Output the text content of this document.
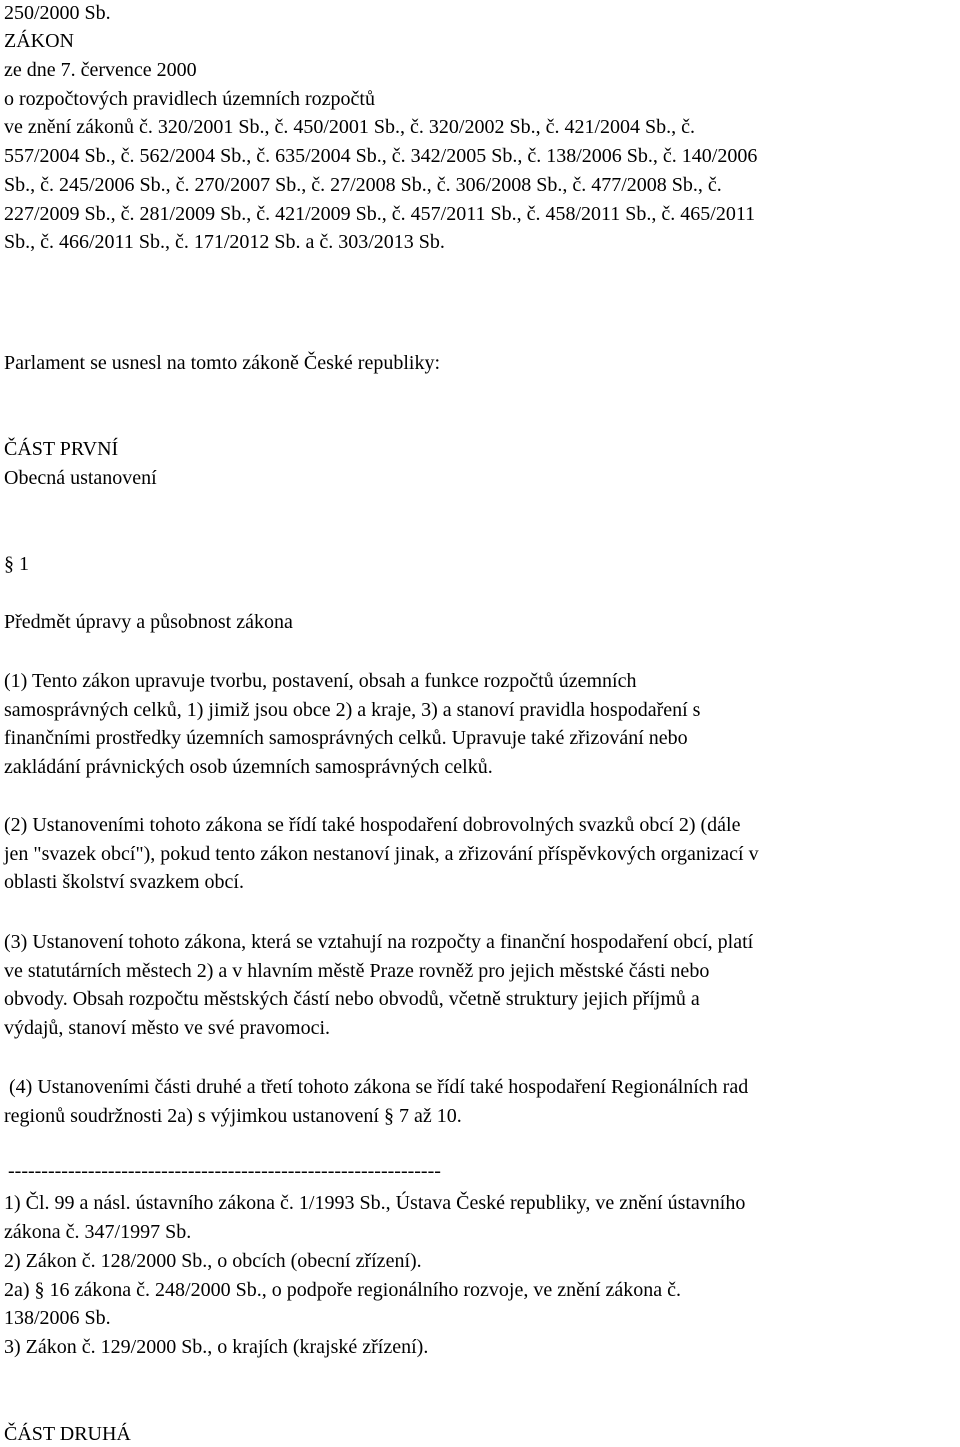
250/2000 Sb.
ZÁKON
ze dne 7. července 2000
o rozpočtových pravidlech územních rozpočtů
ve znění zákonů č. 320/2001 Sb., č. 450/2001 Sb., č. 320/2002 Sb., č. 421/2004 Sb., č.
557/2004 Sb., č. 562/2004 Sb., č. 635/2004 Sb., č. 342/2005 Sb., č. 138/2006 Sb., č. 140/2006
Sb., č. 245/2006 Sb., č. 270/2007 Sb., č. 27/2008 Sb., č. 306/2008 Sb., č. 477/2008 Sb., č.
227/2009 Sb., č. 281/2009 Sb., č. 421/2009 Sb., č. 457/2011 Sb., č. 458/2011 Sb., č. 465/2011
Sb., č. 466/2011 Sb., č. 171/2012 Sb. a č. 303/2013 Sb.
Parlament se usnesl na tomto zákoně České republiky:
ČÁST PRVNÍ
Obecná ustanovení
§ 1
Předmět úpravy a působnost zákona
(1) Tento zákon upravuje tvorbu, postavení, obsah a funkce rozpočtů územních
samosprávných celků, 1) jimiž jsou obce 2) a kraje, 3) a stanoví pravidla hospodaření s
finančními prostředky územních samosprávných celků. Upravuje také zřizování nebo
zakládání právnických osob územních samosprávných celků.
(2) Ustanoveními tohoto zákona se řídí také hospodaření dobrovolných svazků obcí 2) (dále
jen "svazek obcí"), pokud tento zákon nestanoví jinak, a zřizování příspěvkových organizací v
oblasti školství svazkem obcí.
(3) Ustanovení tohoto zákona, která se vztahují na rozpočty a finanční hospodaření obcí, platí
ve statutárních městech 2) a v hlavním městě Praze rovněž pro jejich městské části nebo
obvody. Obsah rozpočtu městských částí nebo obvodů, včetně struktury jejich příjmů a
výdajů, stanoví město ve své pravomoci.
(4) Ustanoveními části druhé a třetí tohoto zákona se řídí také hospodaření Regionálních rad
regionů soudržnosti 2a) s výjimkou ustanovení § 7 až 10.
-----------------------------------------------------------------
1) Čl. 99 a násl. ústavního zákona č. 1/1993 Sb., Ústava České republiky, ve znění ústavního
zákona č. 347/1997 Sb.
2) Zákon č. 128/2000 Sb., o obcích (obecní zřízení).
2a) § 16 zákona č. 248/2000 Sb., o podpoře regionálního rozvoje, ve znění zákona č.
138/2006 Sb.
3) Zákon č. 129/2000 Sb., o krajích (krajské zřízení).
ČÁST DRUHÁ
